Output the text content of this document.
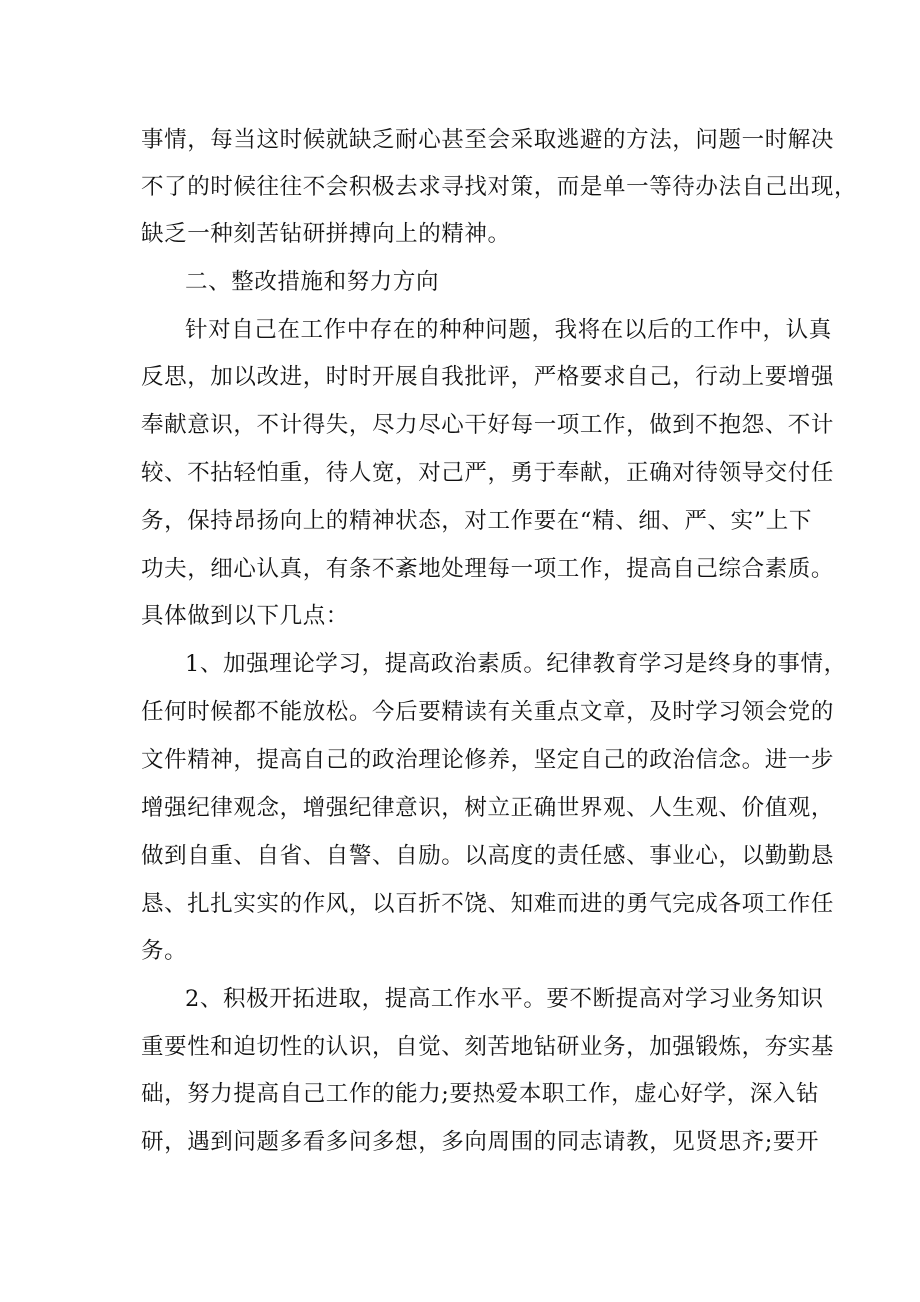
事情，每当这时候就缺乏耐心甚至会采取逃避的方法，问题一时解决
不了的时候往往不会积极去求寻找对策，而是单一等待办法自己出现，
缺乏一种刻苦钻研拼搏向上的精神。
二、整改措施和努力方向
针对自己在工作中存在的种种问题，我将在以后的工作中，认真
反思，加以改进，时时开展自我批评，严格要求自己，行动上要增强
奉献意识，不计得失，尽力尽心干好每一项工作，做到不抱怨、不计
较、不拈轻怕重，待人宽，对己严，勇于奉献，正确对待领导交付任
务，保持昂扬向上的精神状态，对工作要在“精、细、严、实”上下
功夫，细心认真，有条不紊地处理每一项工作，提高自己综合素质。
具体做到以下几点：
1、加强理论学习，提高政治素质。纪律教育学习是终身的事情，
任何时候都不能放松。今后要精读有关重点文章，及时学习领会党的
文件精神，提高自己的政治理论修养，坚定自己的政治信念。进一步
增强纪律观念，增强纪律意识，树立正确世界观、人生观、价值观，
做到自重、自省、自警、自励。以高度的责任感、事业心，以勤勤恳
恳、扎扎实实的作风，以百折不饶、知难而进的勇气完成各项工作任
务。
2、积极开拓进取，提高工作水平。要不断提高对学习业务知识
重要性和迫切性的认识，自觉、刻苦地钻研业务，加强锻炼，夯实基
础，努力提高自己工作的能力;要热爱本职工作，虚心好学，深入钻
研，遇到问题多看多问多想，多向周围的同志请教，见贤思齐;要开
